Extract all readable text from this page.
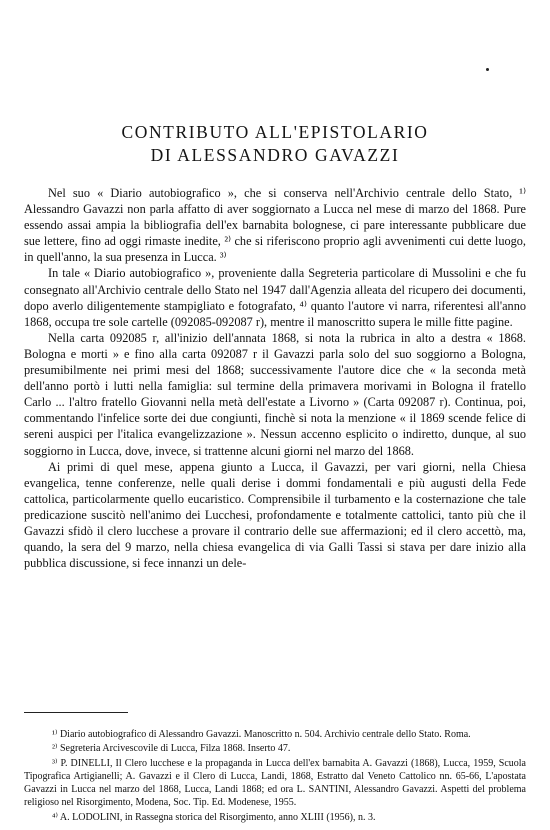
CONTRIBUTO ALL'EPISTOLARIO
DI ALESSANDRO GAVAZZI

Nel suo « Diario autobiografico », che si conserva nell'Archivio centrale dello Stato, ¹⁾ Alessandro Gavazzi non parla affatto di aver soggiornato a Lucca nel mese di marzo del 1868. Pure essendo assai ampia la bibliografia dell'ex barnabita bolognese, ci pare interessante pubblicare due sue lettere, fino ad oggi rimaste inedite, ²⁾ che si riferiscono proprio agli avvenimenti cui dette luogo, in quell'anno, la sua presenza in Lucca. ³⁾

In tale « Diario autobiografico », proveniente dalla Segreteria particolare di Mussolini e che fu consegnato all'Archivio centrale dello Stato nel 1947 dall'Agenzia alleata del ricupero dei documenti, dopo averlo diligentemente stampigliato e fotografato, ⁴⁾ quanto l'autore vi narra, riferentesi all'anno 1868, occupa tre sole cartelle (092085-092087 r), mentre il manoscritto supera le mille fitte pagine.

Nella carta 092085 r, all'inizio dell'annata 1868, si nota la rubrica in alto a destra « 1868. Bologna e morti » e fino alla carta 092087 r il Gavazzi parla solo del suo soggiorno a Bologna, presumibilmente nei primi mesi del 1868; successivamente l'autore dice che « la seconda metà dell'anno portò i lutti nella famiglia: sul termine della primavera morivami in Bologna il fratello Carlo ... l'altro fratello Giovanni nella metà dell'estate a Livorno » (Carta 092087 r). Continua, poi, commentando l'infelice sorte dei due congiunti, finchè si nota la menzione « il 1869 scende felice di sereni auspici per l'italica evangelizzazione ». Nessun accenno esplicito o indiretto, dunque, al suo soggiorno in Lucca, dove, invece, si trattenne alcuni giorni nel marzo del 1868.

Ai primi di quel mese, appena giunto a Lucca, il Gavazzi, per vari giorni, nella Chiesa evangelica, tenne conferenze, nelle quali derise i dommi fondamentali e più augusti della Fede cattolica, particolarmente quello eucaristico. Comprensibile il turbamento e la costernazione che tale predicazione suscitò nell'animo dei Lucchesi, profondamente e totalmente cattolici, tanto più che il Gavazzi sfidò il clero lucchese a provare il contrario delle sue affermazioni; ed il clero accettò, ma, quando, la sera del 9 marzo, nella chiesa evangelica di via Galli Tassi si stava per dare inizio alla pubblica discussione, si fece innanzi un dele-

¹⁾ Diario autobiografico di Alessandro Gavazzi. Manoscritto n. 504. Archivio centrale dello Stato. Roma.

²⁾ Segreteria Arcivescovile di Lucca, Filza 1868. Inserto 47.

³⁾ P. DINELLI, Il Clero lucchese e la propaganda in Lucca dell'ex barnabita A. Gavazzi (1868), Lucca, 1959, Scuola Tipografica Artigianelli; A. Gavazzi e il Clero di Lucca, Landi, 1868, Estratto dal Veneto Cattolico nn. 65-66, L'apostata Gavazzi in Lucca nel marzo del 1868, Lucca, Landi 1868; ed ora L. SANTINI, Alessandro Gavazzi. Aspetti del problema religioso nel Risorgimento, Modena, Soc. Tip. Ed. Modenese, 1955.

⁴⁾ A. LODOLINI, in Rassegna storica del Risorgimento, anno XLIII (1956), n. 3.
